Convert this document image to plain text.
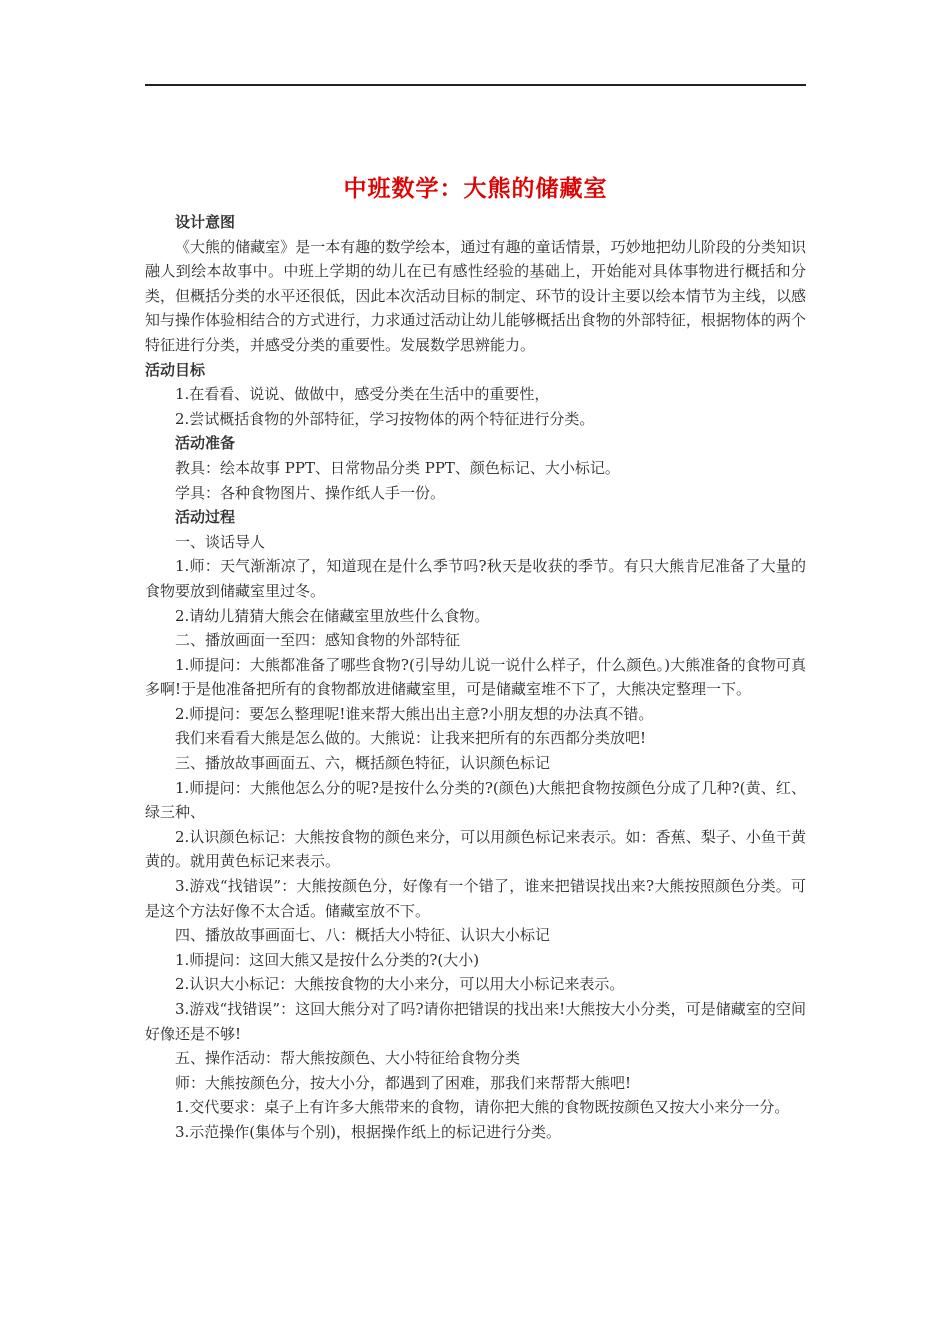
中班数学：大熊的储藏室

设计意图

《大熊的储藏室》是一本有趣的数学绘本，通过有趣的童话情景，巧妙地把幼儿阶段的分类知识融人到绘本故事中。中班上学期的幼儿在已有感性经验的基础上，开始能对具体事物进行概括和分类，但概括分类的水平还很低，因此本次活动目标的制定、环节的设计主要以绘本情节为主线，以感知与操作体验相结合的方式进行，力求通过活动让幼儿能够概括出食物的外部特征，根据物体的两个特征进行分类，并感受分类的重要性。发展数学思辨能力。

活动目标

1.在看看、说说、做做中，感受分类在生活中的重要性，

2.尝试概括食物的外部特征，学习按物体的两个特征进行分类。

活动准备

教具：绘本故事 PPT、日常物品分类 PPT、颜色标记、大小标记。

学具：各种食物图片、操作纸人手一份。

活动过程

一、谈话导人

1.师：天气渐渐凉了，知道现在是什么季节吗?秋天是收获的季节。有只大熊肯尼准备了大量的食物要放到储藏室里过冬。

2.请幼儿猜猜大熊会在储藏室里放些什么食物。

二、播放画面一至四：感知食物的外部特征

1.师提问：大熊都准备了哪些食物?(引导幼儿说一说什么样子，什么颜色。)大熊准备的食物可真多啊!于是他准备把所有的食物都放进储藏室里，可是储藏室堆不下了，大熊决定整理一下。

2.师提问：要怎么整理呢!谁来帮大熊出出主意?小朋友想的办法真不错。

我们来看看大熊是怎么做的。大熊说：让我来把所有的东西都分类放吧!

三、播放故事画面五、六，概括颜色特征，认识颜色标记

1.师提问：大熊他怎么分的呢?是按什么分类的?(颜色)大熊把食物按颜色分成了几种?(黄、红、绿三种、

2.认识颜色标记：大熊按食物的颜色来分，可以用颜色标记来表示。如：香蕉、梨子、小鱼干黄黄的。就用黄色标记来表示。

3.游戏“找错误”：大熊按颜色分，好像有一个错了，谁来把错误找出来?大熊按照颜色分类。可是这个方法好像不太合适。储藏室放不下。

四、播放故事画面七、八：概括大小特征、认识大小标记

1.师提问：这回大熊又是按什么分类的?(大小)

2.认识大小标记：大熊按食物的大小来分，可以用大小标记来表示。

3.游戏“找错误”：这回大熊分对了吗?请你把错误的找出来!大熊按大小分类，可是储藏室的空间好像还是不够!

五、操作活动：帮大熊按颜色、大小特征给食物分类

师：大熊按颜色分，按大小分，都遇到了困难，那我们来帮帮大熊吧!

1.交代要求：桌子上有许多大熊带来的食物，请你把大熊的食物既按颜色又按大小来分一分。

3.示范操作(集体与个别)，根据操作纸上的标记进行分类。
